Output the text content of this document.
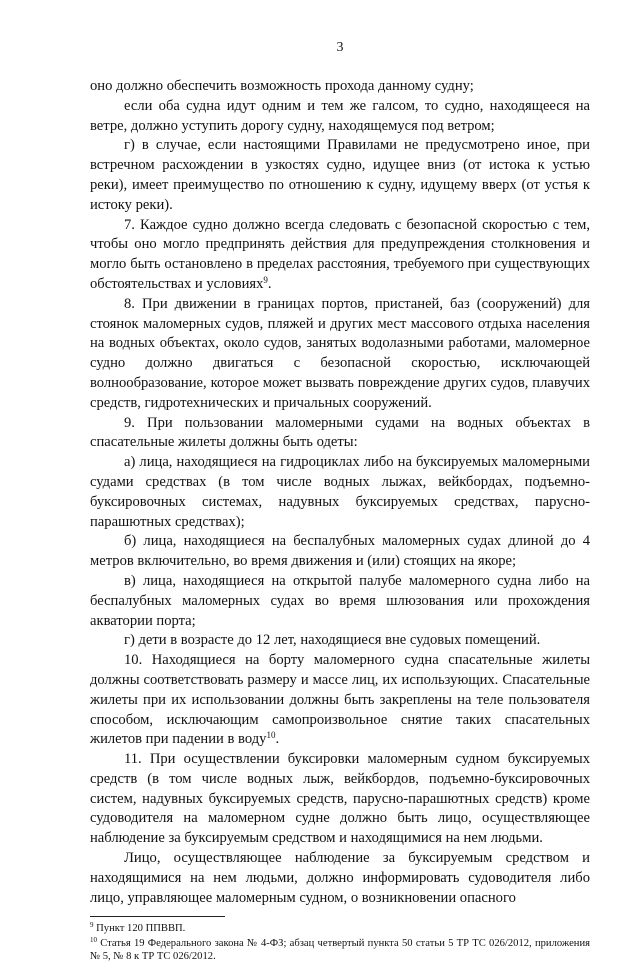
3

оно должно обеспечить возможность прохода данному судну;

если оба судна идут одним и тем же галсом, то судно, находящееся на ветре, должно уступить дорогу судну, находящемуся под ветром;

г) в случае, если настоящими Правилами не предусмотрено иное, при встречном расхождении в узкостях судно, идущее вниз (от истока к устью реки), имеет преимущество по отношению к судну, идущему вверх (от устья к истоку реки).

7. Каждое судно должно всегда следовать с безопасной скоростью с тем, чтобы оно могло предпринять действия для предупреждения столкновения и могло быть остановлено в пределах расстояния, требуемого при существующих обстоятельствах и условиях$^9$.

8. При движении в границах портов, пристаней, баз (сооружений) для стоянок маломерных судов, пляжей и других мест массового отдыха населения на водных объектах, около судов, занятых водолазными работами, маломерное судно должно двигаться с безопасной скоростью, исключающей волнообразование, которое может вызвать повреждение других судов, плавучих средств, гидротехнических и причальных сооружений.

9. При пользовании маломерными судами на водных объектах в спасательные жилеты должны быть одеты:

а) лица, находящиеся на гидроциклах либо на буксируемых маломерными судами средствах (в том числе водных лыжах, вейкбордах, подъемно-буксировочных системах, надувных буксируемых средствах, парусно-парашютных средствах);

б) лица, находящиеся на беспалубных маломерных судах длиной до 4 метров включительно, во время движения и (или) стоящих на якоре;

в) лица, находящиеся на открытой палубе маломерного судна либо на беспалубных маломерных судах во время шлюзования или прохождения акватории порта;

г) дети в возрасте до 12 лет, находящиеся вне судовых помещений.

10. Находящиеся на борту маломерного судна спасательные жилеты должны соответствовать размеру и массе лиц, их использующих. Спасательные жилеты при их использовании должны быть закреплены на теле пользователя способом, исключающим самопроизвольное снятие таких спасательных жилетов при падении в воду$^{10}$.

11. При осуществлении буксировки маломерным судном буксируемых средств (в том числе водных лыж, вейкбордов, подъемно-буксировочных систем, надувных буксируемых средств, парусно-парашютных средств) кроме судоводителя на маломерном судне должно быть лицо, осуществляющее наблюдение за буксируемым средством и находящимися на нем людьми.

Лицо, осуществляющее наблюдение за буксируемым средством и находящимися на нем людьми, должно информировать судоводителя либо лицо, управляющее маломерным судном, о возникновении опасного

$^9$ Пункт 120 ППВВП.

$^{10}$ Статья 19 Федерального закона № 4-ФЗ; абзац четвертый пункта 50 статьи 5 ТР ТС 026/2012, приложения № 5, № 8 к ТР ТС 026/2012.
